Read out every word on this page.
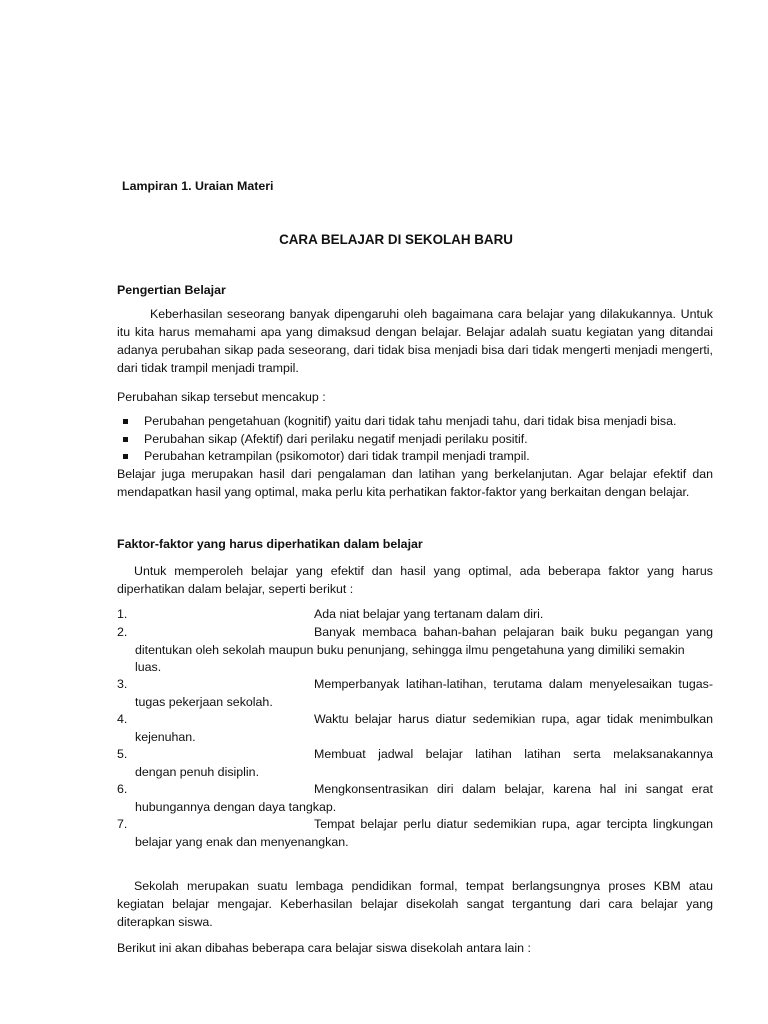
Lampiran 1. Uraian Materi

CARA BELAJAR DI SEKOLAH BARU

Pengertian Belajar

Keberhasilan seseorang banyak dipengaruhi oleh bagaimana cara belajar yang dilakukannya. Untuk itu kita harus memahami apa yang dimaksud dengan belajar. Belajar adalah suatu kegiatan yang ditandai adanya perubahan sikap pada seseorang, dari tidak bisa menjadi bisa dari tidak mengerti menjadi mengerti, dari tidak trampil menjadi trampil.

Perubahan sikap tersebut mencakup :

Perubahan pengetahuan (kognitif) yaitu dari tidak tahu menjadi tahu, dari tidak bisa menjadi bisa.
Perubahan sikap (Afektif) dari perilaku negatif menjadi perilaku positif.
Perubahan ketrampilan (psikomotor) dari tidak trampil menjadi trampil.

Belajar juga merupakan hasil dari pengalaman dan latihan yang berkelanjutan. Agar belajar efektif dan mendapatkan hasil yang optimal, maka perlu kita perhatikan faktor-faktor yang berkaitan dengan belajar.

Faktor-faktor yang harus diperhatikan dalam belajar

Untuk memperoleh belajar yang efektif dan hasil yang optimal, ada beberapa faktor yang harus diperhatikan dalam belajar, seperti berikut :

1.	Ada niat belajar yang tertanam dalam diri.
2.	Banyak membaca bahan-bahan pelajaran baik buku pegangan yang
ditentukan oleh sekolah maupun buku penunjang, sehingga ilmu pengetahuna yang dimiliki semakin luas.
3.	Memperbanyak latihan-latihan, terutama dalam menyelesaikan tugas-
tugas pekerjaan sekolah.
4.	Waktu belajar harus diatur sedemikian rupa, agar tidak menimbulkan
kejenuhan.
5.	Membuat jadwal belajar latihan latihan serta melaksanakannya
dengan penuh disiplin.
6.	Mengkonsentrasikan diri dalam belajar, karena hal ini sangat erat
hubungannya dengan daya tangkap.
7.	Tempat belajar perlu diatur sedemikian rupa, agar tercipta lingkungan
belajar yang enak dan menyenangkan.

Sekolah merupakan suatu lembaga pendidikan formal, tempat berlangsungnya proses KBM atau kegiatan belajar mengajar. Keberhasilan belajar disekolah sangat tergantung dari cara belajar yang diterapkan siswa.

Berikut ini akan dibahas beberapa cara belajar siswa disekolah antara lain :
